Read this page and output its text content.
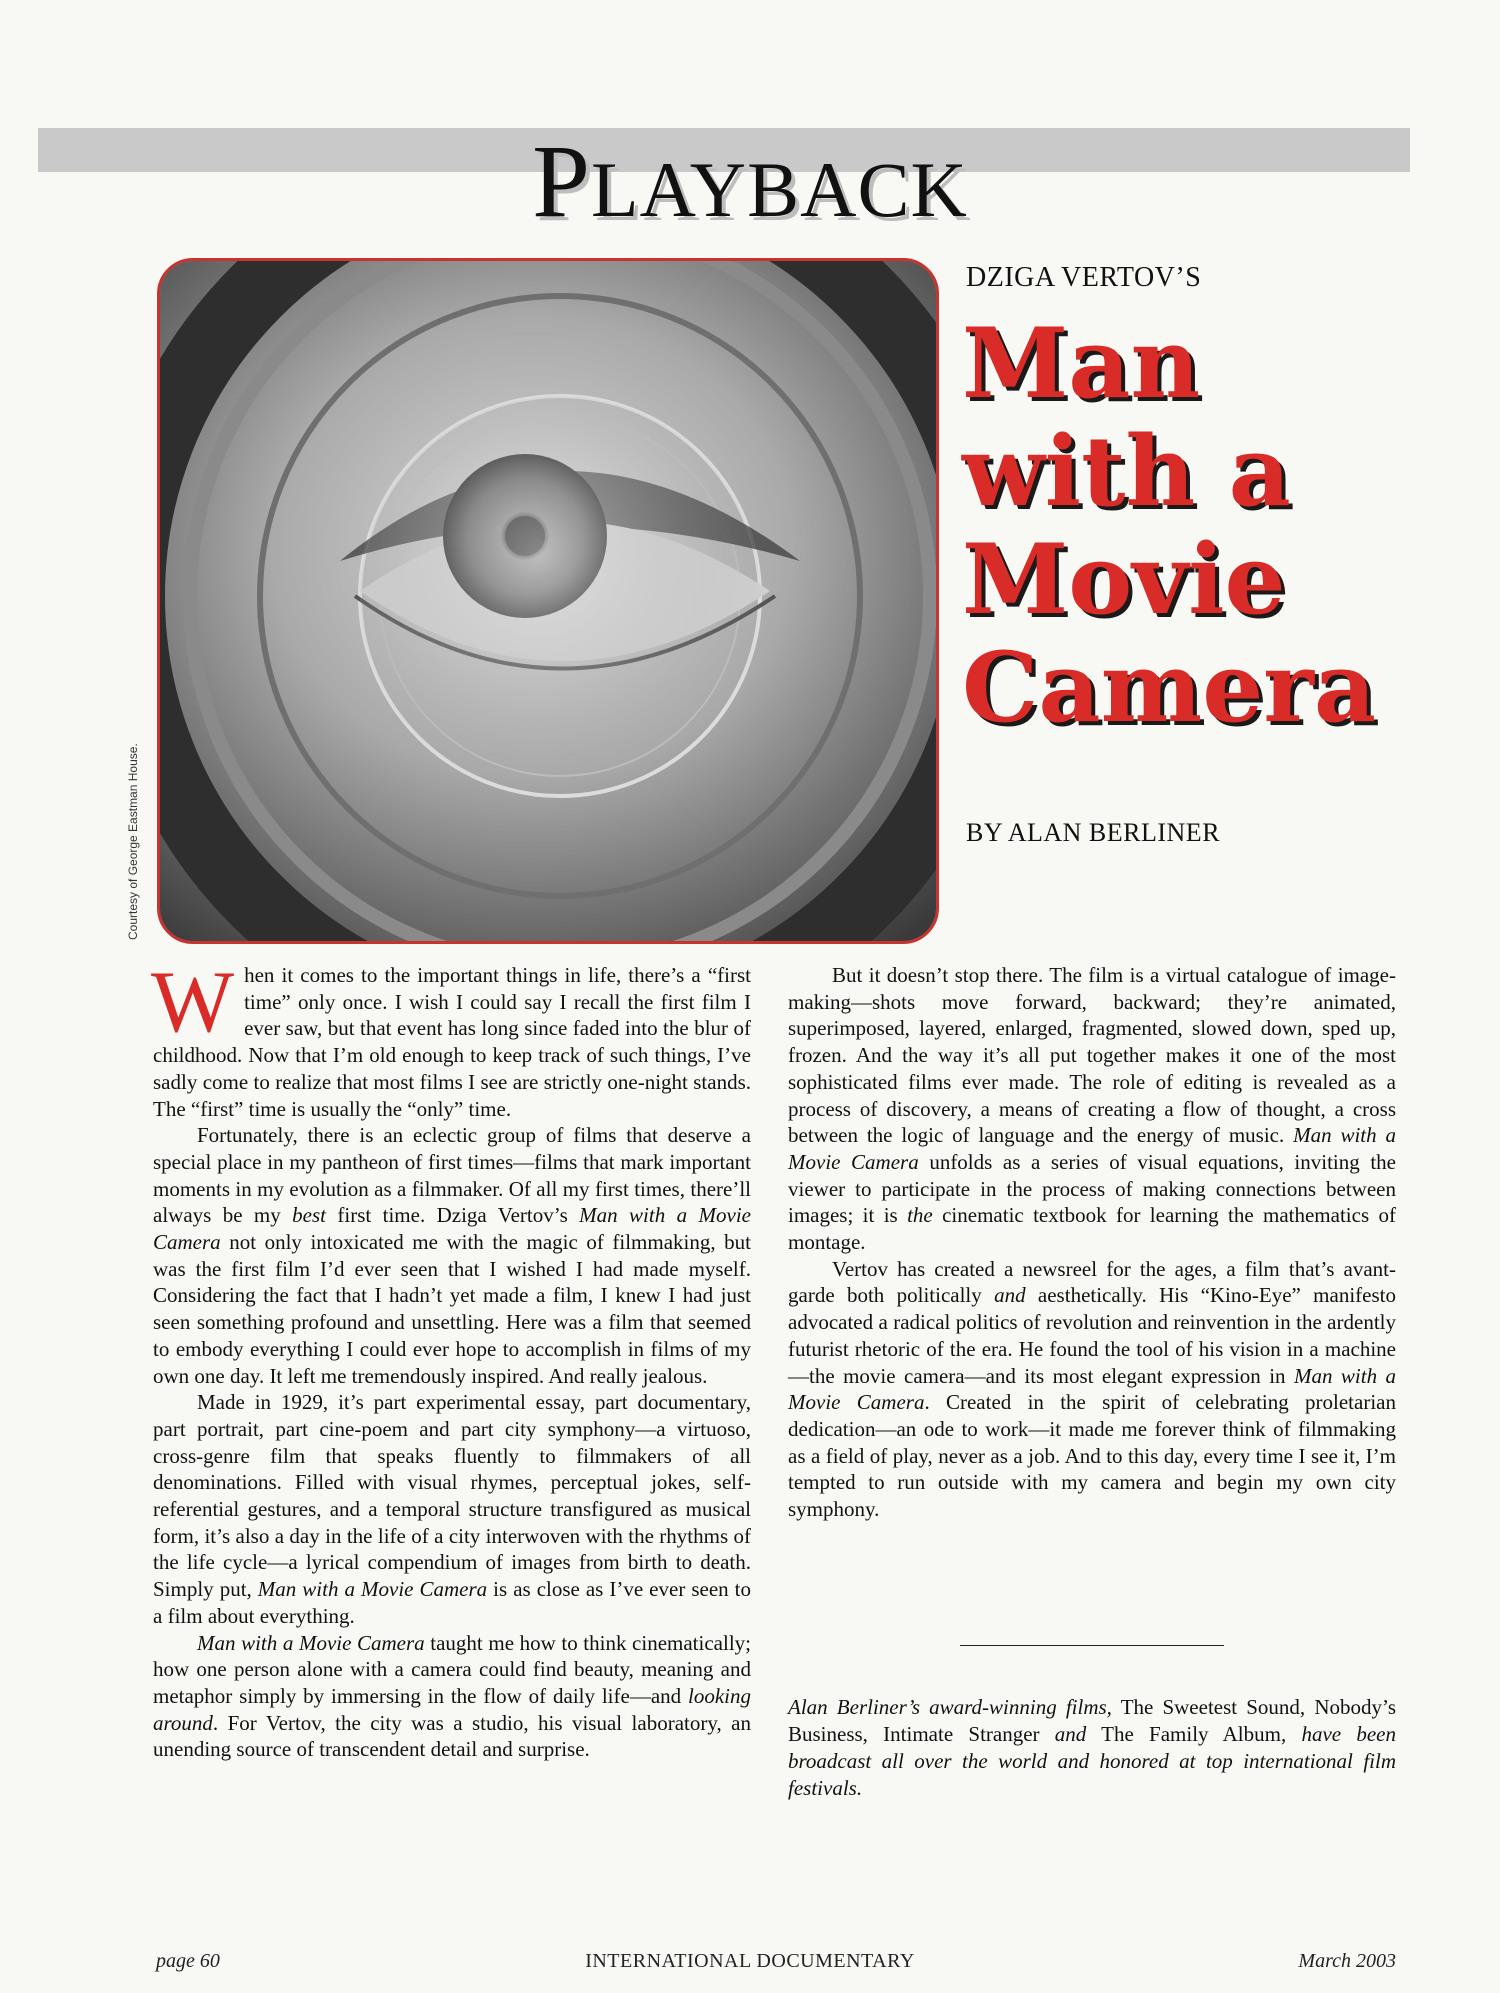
PLAYBACK
Courtesy of George Eastman House.
DZIGA VERTOV’S
Man
with a
Movie
Camera
BY ALAN BERLINER

When it comes to the important things in life, there’s a “first time” only once. I wish I could say I recall the first film I ever saw, but that event has long since faded into the blur of childhood. Now that I’m old enough to keep track of such things, I’ve sadly come to realize that most films I see are strictly one-night stands. The “first” time is usually the “only” time.

Fortunately, there is an eclectic group of films that deserve a special place in my pantheon of first times—films that mark important moments in my evolution as a filmmaker. Of all my first times, there’ll always be my best first time. Dziga Vertov’s Man with a Movie Camera not only intoxicated me with the magic of filmmaking, but was the first film I’d ever seen that I wished I had made myself. Considering the fact that I hadn’t yet made a film, I knew I had just seen something profound and unsettling. Here was a film that seemed to embody everything I could ever hope to accomplish in films of my own one day. It left me tremendously inspired. And really jealous.

Made in 1929, it’s part experimental essay, part documentary, part portrait, part cine-poem and part city symphony—a virtuoso, cross-genre film that speaks fluently to filmmakers of all denominations. Filled with visual rhymes, perceptual jokes, self-referential gestures, and a temporal structure transfigured as musical form, it’s also a day in the life of a city interwoven with the rhythms of the life cycle—a lyrical compendium of images from birth to death. Simply put, Man with a Movie Camera is as close as I’ve ever seen to a film about everything.

Man with a Movie Camera taught me how to think cinematically; how one person alone with a camera could find beauty, meaning and metaphor simply by immersing in the flow of daily life—and looking around. For Vertov, the city was a studio, his visual laboratory, an unending source of transcendent detail and surprise.

But it doesn’t stop there. The film is a virtual catalogue of image-making—shots move forward, backward; they’re animated, superimposed, layered, enlarged, fragmented, slowed down, sped up, frozen. And the way it’s all put together makes it one of the most sophisticated films ever made. The role of editing is revealed as a process of discovery, a means of creating a flow of thought, a cross between the logic of language and the energy of music. Man with a Movie Camera unfolds as a series of visual equations, inviting the viewer to participate in the process of making connections between images; it is the cinematic textbook for learning the mathematics of montage.

Vertov has created a newsreel for the ages, a film that’s avant-garde both politically and aesthetically. His “Kino-Eye” manifesto advocated a radical politics of revolution and reinvention in the ardently futurist rhetoric of the era. He found the tool of his vision in a machine—the movie camera—and its most elegant expression in Man with a Movie Camera. Created in the spirit of celebrating proletarian dedication—an ode to work—it made me forever think of filmmaking as a field of play, never as a job. And to this day, every time I see it, I’m tempted to run outside with my camera and begin my own city symphony.

Alan Berliner’s award-winning films, The Sweetest Sound, Nobody’s Business, Intimate Stranger and The Family Album, have been broadcast all over the world and honored at top international film festivals.
page 60	INTERNATIONAL DOCUMENTARY	March 2003
